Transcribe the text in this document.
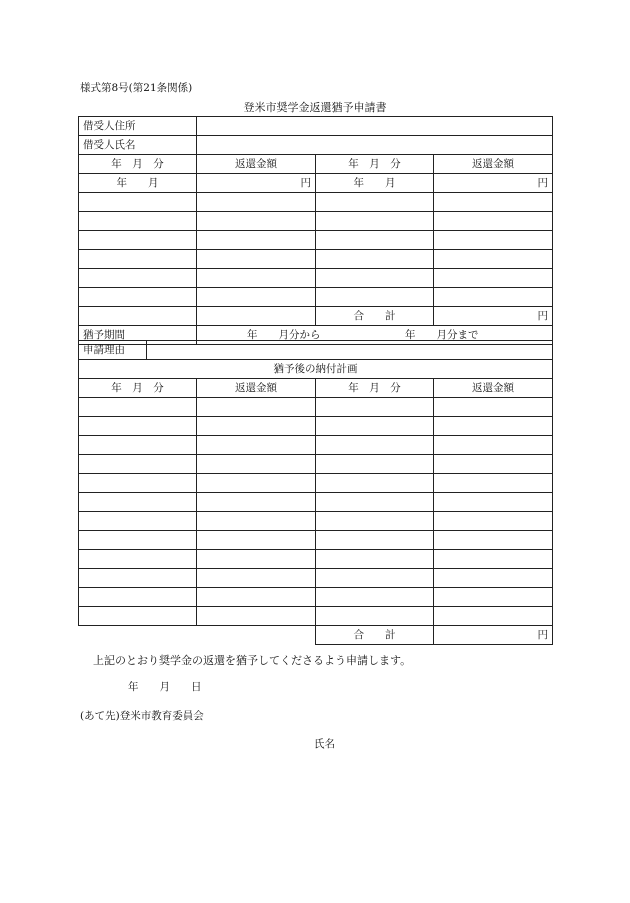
様式第8号(第21条関係)
登米市奨学金返還猶予申請書
借受人住所			
借受人氏名			
年　月　分	返還金額	年　月　分	返還金額
年　　月	円	年　　月	円

		合　　計	円
猶予期間	年　　月分から 年　　月分まで		
申請理由	
猶予後の納付計画			
年　月　分	返還金額	年　月　分	返還金額

		合　　計	円
上記のとおり奨学金の返還を猶予してくださるよう申請します。
年　　月　　日
(あて先)登米市教育委員会
氏名
